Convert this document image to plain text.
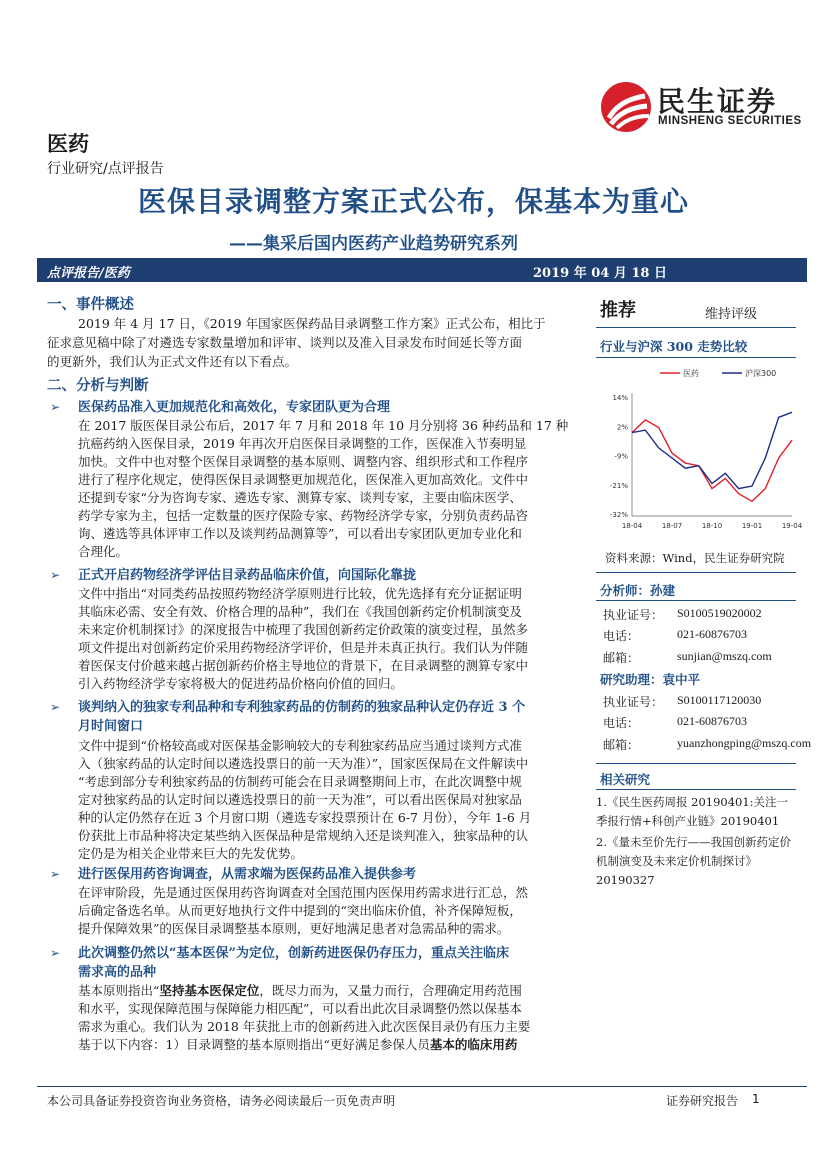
民生证券
MINSHENG SECURITIES
医药
行业研究/点评报告
医保目录调整方案正式公布，保基本为重心
——集采后国内医药产业趋势研究系列
点评报告/医药	2019 年 04 月 18 日
一、事件概述
2019 年 4 月 17 日，《2019 年国家医保药品目录调整工作方案》正式公布，相比于
征求意见稿中除了对遴选专家数量增加和评审、谈判以及准入目录发布时间延长等方面
的更新外，我们认为正式文件还有以下看点。
二、分析与判断
➢ 医保药品准入更加规范化和高效化，专家团队更为合理
在 2017 版医保目录公布后，2017 年 7 月和 2018 年 10 月分别将 36 种药品和 17 种
抗癌药纳入医保目录，2019 年再次开启医保目录调整的工作，医保准入节奏明显
加快。文件中也对整个医保目录调整的基本原则、调整内容、组织形式和工作程序
进行了程序化规定，使得医保目录调整更加规范化，医保准入更加高效化。文件中
还提到专家“分为咨询专家、遴选专家、测算专家、谈判专家，主要由临床医学、
药学专家为主，包括一定数量的医疗保险专家、药物经济学专家，分别负责药品咨
询、遴选等具体评审工作以及谈判药品测算等”，可以看出专家团队更加专业化和
合理化。
➢ 正式开启药物经济学评估目录药品临床价值，向国际化靠拢
文件中指出“对同类药品按照药物经济学原则进行比较，优先选择有充分证据证明
其临床必需、安全有效、价格合理的品种”，我们在《我国创新药定价机制演变及
未来定价机制探讨》的深度报告中梳理了我国创新药定价政策的演变过程，虽然多
项文件提出对创新药定价采用药物经济学评价，但是并未真正执行。我们认为伴随
着医保支付价越来越占据创新药价格主导地位的背景下，在目录调整的测算专家中
引入药物经济学专家将极大的促进药品价格向价值的回归。
➢ 谈判纳入的独家专利品种和专利独家药品的仿制药的独家品种认定仍存近 3 个
月时间窗口
文件中提到“价格较高或对医保基金影响较大的专利独家药品应当通过谈判方式准
入（独家药品的认定时间以遴选投票日的前一天为准）”，国家医保局在文件解读中
“考虑到部分专利独家药品的仿制药可能会在目录调整期间上市，在此次调整中规
定对独家药品的认定时间以遴选投票日的前一天为准”，可以看出医保局对独家品
种的认定仍然存在近 3 个月窗口期（遴选专家投票预计在 6-7 月份），今年 1-6 月
份获批上市品种将决定某些纳入医保品种是常规纳入还是谈判准入，独家品种的认
定仍是为相关企业带来巨大的先发优势。
➢ 进行医保用药咨询调查，从需求端为医保药品准入提供参考
在评审阶段，先是通过医保用药咨询调查对全国范围内医保用药需求进行汇总，然
后确定备选名单。从而更好地执行文件中提到的“突出临床价值，补齐保障短板，
提升保障效果”的医保目录调整基本原则，更好地满足患者对急需品种的需求。
➢ 此次调整仍然以“基本医保”为定位，创新药进医保仍存压力，重点关注临床
需求高的品种
基本原则指出“坚持基本医保定位，既尽力而为，又量力而行，合理确定用药范围
和水平，实现保障范围与保障能力相匹配”，可以看出此次目录调整仍然以保基本
需求为重心。我们认为 2018 年获批上市的创新药进入此次医保目录仍有压力主要
基于以下内容：1）目录调整的基本原则指出“更好满足参保人员基本的临床用药
推荐	维持评级
行业与沪深 300 走势比较
医药	沪深300
14%
2%
-9%
-21%
-32%
18-04	18-07	18-10	19-01	19-04
资料来源：Wind，民生证券研究院
分析师：孙建
执业证号： S0100519020002
电话：	021-60876703
邮箱：	sunjian@mszq.com
研究助理：袁中平
执业证号： S0100117120030
电话：	021-60876703
邮箱：	yuanzhongping@mszq.com
相关研究
1.《民生医药周报 20190401:关注一季报行情+科创产业链》20190401
2.《量未至价先行——我国创新药定价机制演变及未来定价机制探讨》20190327
本公司具备证券投资咨询业务资格，请务必阅读最后一页免责声明	证券研究报告 1
